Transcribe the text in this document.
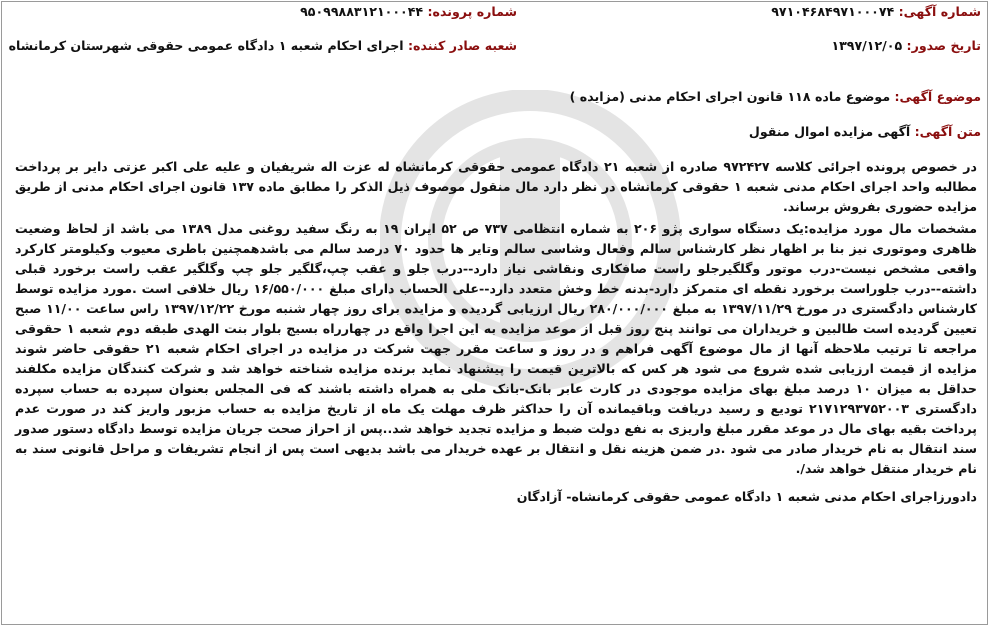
شماره آگهی: ۹۷۱۰۴۶۸۴۹۷۱۰۰۰۷۴
شماره پرونده: ۹۵۰۹۹۸۸۳۱۲۱۰۰۰۴۴
تاریخ صدور: ۱۳۹۷/۱۲/۰۵
شعبه صادر کننده: اجرای احکام شعبه ۱ دادگاه عمومی حقوقی شهرستان کرمانشاه
موضوع آگهی: موضوع ماده ۱۱۸ قانون اجرای احکام مدنی (مزایده )
متن آگهی: آگهی مزایده اموال منقول

در خصوص پرونده اجرائی کلاسه ۹۷۲۴۲۷ صادره از شعبه ۲۱ دادگاه عمومی حقوقی کرمانشاه له عزت اله شریفیان و علیه علی اکبر عزتی دایر بر پرداخت مطالبه واحد اجرای احکام مدنی شعبه ۱ حقوقی کرمانشاه در نظر دارد مال منقول موصوف ذیل الذکر را مطابق ماده ۱۳۷ قانون اجرای احکام مدنی از طریق مزایده حضوری بفروش برساند.

مشخصات مال مورد مزایده:یک دستگاه سواری پژو ۲۰۶ به شماره انتظامی ۷۳۷ ص ۵۲ ایران ۱۹ به رنگ سفید روغنی مدل ۱۳۸۹ می باشد از لحاظ وضعیت ظاهری وموتوری نیز بنا بر اظهار نظر کارشناس سالم وفعال وشاسی سالم وتایر ها حدود ۷۰ درصد سالم می باشدهمچنین باطری معیوب وکیلومتر کارکرد واقعی مشخص نیست-درب موتور وگلگیرجلو راست صافکاری ونقاشی نیاز دارد--درب جلو و عقب چپ،گلگیر جلو چپ وگلگیر عقب راست برخورد قبلی داشته--درب جلوراست برخورد نقطه ای متمرکز دارد-بدنه خط وخش متعدد دارد--علی الحساب دارای مبلغ ۱۶/۵۵۰/۰۰۰ ریال خلافی است .مورد مزایده توسط کارشناس دادگستری در مورخ ۱۳۹۷/۱۱/۲۹ به مبلغ ۲۸۰/۰۰۰/۰۰۰ ریال ارزیابی گردیده و مزایده برای روز چهار شنبه مورخ ۱۳۹۷/۱۲/۲۲ راس ساعت ۱۱/۰۰ صبح تعیین گردیده است طالبین و خریداران می توانند پنج روز قبل از موعد مزایده به این اجرا واقع در چهارراه بسیج بلوار بنت الهدی طبقه دوم شعبه ۱ حقوقی مراجعه تا ترتیب ملاحظه آنها از مال موضوع آگهی فراهم و در روز و ساعت مقرر جهت شرکت در مزایده در اجرای احکام شعبه ۲۱ حقوقی حاضر شوند مزایده از قیمت ارزیابی شده شروع می شود هر کس که بالاترین قیمت را پیشنهاد نماید برنده مزایده شناخته خواهد شد و شرکت کنندگان مزایده مکلفند حداقل به میزان ۱۰ درصد مبلغ بهای مزایده موجودی در کارت عابر بانک-بانک ملی به همراه داشته باشند که فی المجلس بعنوان سپرده به حساب سپرده دادگستری ۲۱۷۱۲۹۳۷۵۲۰۰۳ تودیع و رسید دریافت وباقیمانده آن را حداکثر ظرف مهلت یک ماه از تاریخ مزایده به حساب مزبور واریز کند در صورت عدم پرداخت بقیه بهای مال در موعد مقرر مبلغ واریزی به نفع دولت ضبط و مزایده تجدید خواهد شد..پس از احراز صحت جریان مزایده توسط دادگاه دستور صدور سند انتقال به نام خریدار صادر می شود .در ضمن هزینه نقل و انتقال بر عهده خریدار می باشد بدیهی است پس از انجام تشریفات و مراحل قانونی سند به نام خریدار منتقل خواهد شد/.

دادورزاجرای احکام مدنی شعبه ۱ دادگاه عمومی حقوقی کرمانشاه- آزادگان
